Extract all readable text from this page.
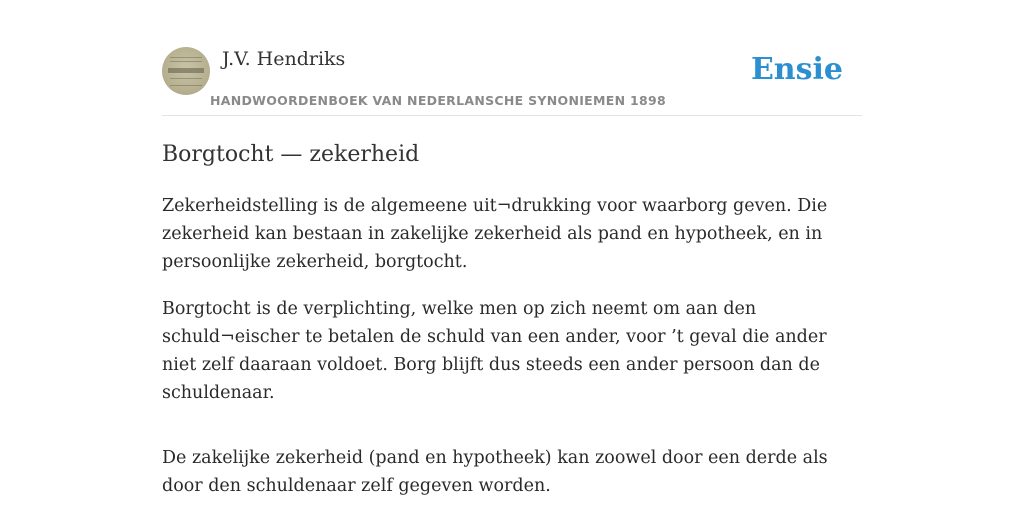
J.V. Hendriks
HANDWOORDENBOEK VAN NEDERLANSCHE SYNONIEMEN 1898
Ensie
Borgtocht — zekerheid

Zekerheidstelling is de algemeene uit¬drukking voor waarborg geven. Die zekerheid kan bestaan in zakelijke zekerheid als pand en hypotheek, en in persoonlijke zekerheid, borgtocht.

Borgtocht is de verplichting, welke men op zich neemt om aan den schuld¬eischer te betalen de schuld van een ander, voor ’t geval die ander niet zelf daaraan voldoet. Borg blijft dus steeds een ander persoon dan de schuldenaar.

De zakelijke zekerheid (pand en hypotheek) kan zoowel door een derde als door den schuldenaar zelf gegeven worden.
